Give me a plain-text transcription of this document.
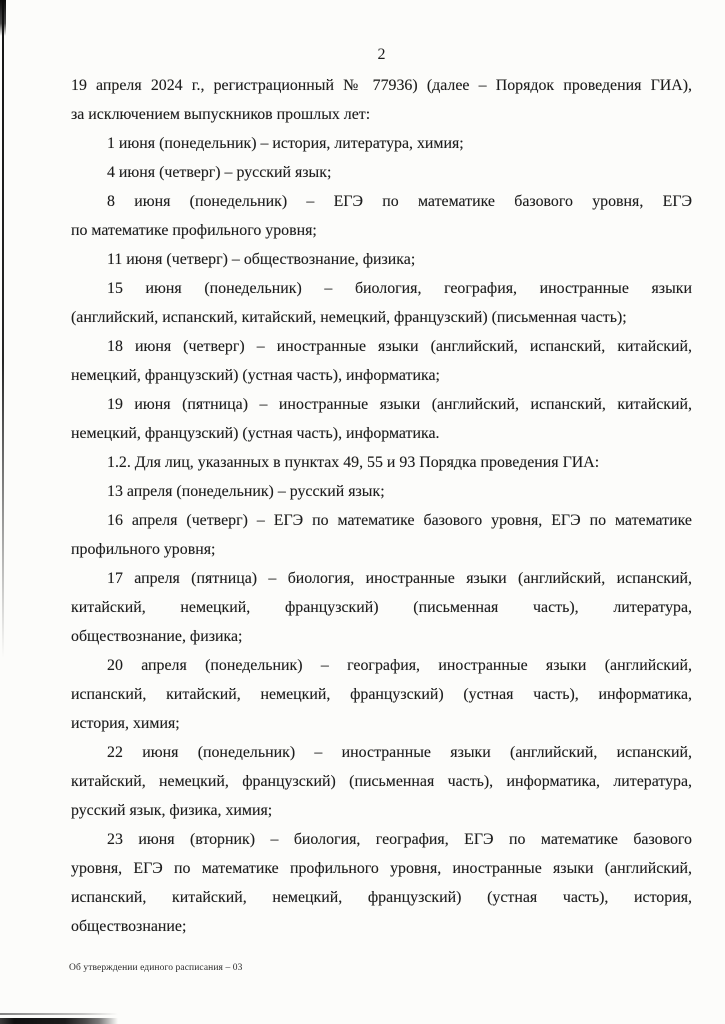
2
19 апреля 2024 г., регистрационный № 77936) (далее – Порядок проведения ГИА),
за исключением выпускников прошлых лет:
1 июня (понедельник) – история, литература, химия;
4 июня (четверг) – русский язык;
8 июня (понедельник) – ЕГЭ по математике базового уровня, ЕГЭ
по математике профильного уровня;
11 июня (четверг) – обществознание, физика;
15 июня (понедельник) – биология, география, иностранные языки
(английский, испанский, китайский, немецкий, французский) (письменная часть);
18 июня (четверг) – иностранные языки (английский, испанский, китайский,
немецкий, французский) (устная часть), информатика;
19 июня (пятница) – иностранные языки (английский, испанский, китайский,
немецкий, французский) (устная часть), информатика.
1.2. Для лиц, указанных в пунктах 49, 55 и 93 Порядка проведения ГИА:
13 апреля (понедельник) – русский язык;
16 апреля (четверг) – ЕГЭ по математике базового уровня, ЕГЭ по математике
профильного уровня;
17 апреля (пятница) – биология, иностранные языки (английский, испанский,
китайский, немецкий, французский) (письменная часть), литература,
обществознание, физика;
20 апреля (понедельник) – география, иностранные языки (английский,
испанский, китайский, немецкий, французский) (устная часть), информатика,
история, химия;
22 июня (понедельник) – иностранные языки (английский, испанский,
китайский, немецкий, французский) (письменная часть), информатика, литература,
русский язык, физика, химия;
23 июня (вторник) – биология, география, ЕГЭ по математике базового
уровня, ЕГЭ по математике профильного уровня, иностранные языки (английский,
испанский, китайский, немецкий, французский) (устная часть), история,
обществознание;
Об утверждении единого расписания – 03
